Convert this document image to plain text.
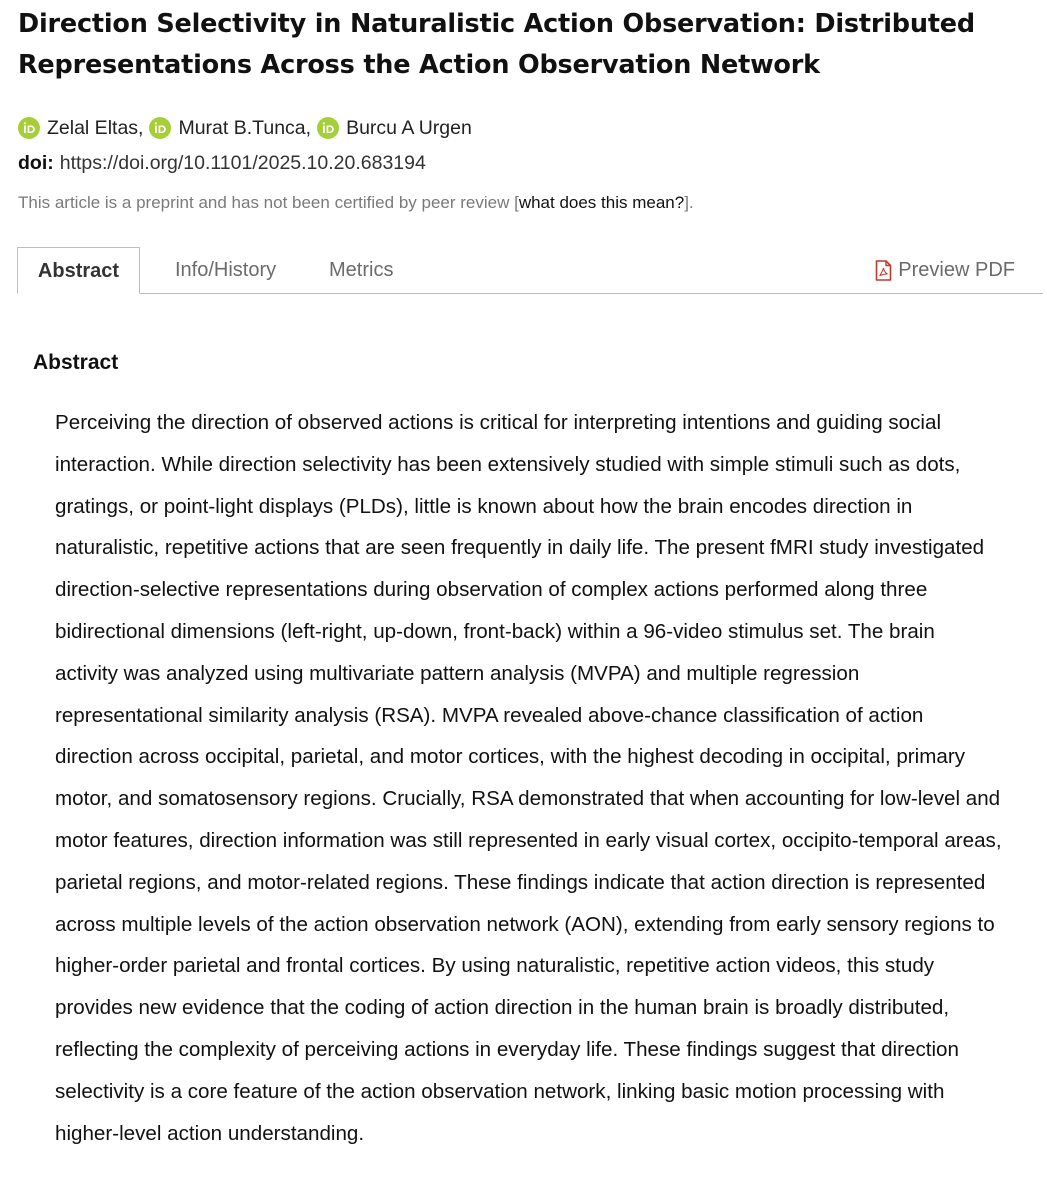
Direction Selectivity in Naturalistic Action Observation: Distributed Representations Across the Action Observation Network
Zelal Eltas , Murat B.Tunca , Burcu A Urgen
doi: https://doi.org/10.1101/2025.10.20.683194
This article is a preprint and has not been certified by peer review [what does this mean?].
Abstract	Info/History	Metrics	Preview PDF
Abstract

Perceiving the direction of observed actions is critical for interpreting intentions and guiding social interaction. While direction selectivity has been extensively studied with simple stimuli such as dots, gratings, or point-light displays (PLDs), little is known about how the brain encodes direction in naturalistic, repetitive actions that are seen frequently in daily life. The present fMRI study investigated direction-selective representations during observation of complex actions performed along three bidirectional dimensions (left-right, up-down, front-back) within a 96-video stimulus set. The brain activity was analyzed using multivariate pattern analysis (MVPA) and multiple regression representational similarity analysis (RSA). MVPA revealed above-chance classification of action direction across occipital, parietal, and motor cortices, with the highest decoding in occipital, primary motor, and somatosensory regions. Crucially, RSA demonstrated that when accounting for low-level and motor features, direction information was still represented in early visual cortex, occipito-temporal areas, parietal regions, and motor-related regions. These findings indicate that action direction is represented across multiple levels of the action observation network (AON), extending from early sensory regions to higher-order parietal and frontal cortices. By using naturalistic, repetitive action videos, this study provides new evidence that the coding of action direction in the human brain is broadly distributed, reflecting the complexity of perceiving actions in everyday life. These findings suggest that direction selectivity is a core feature of the action observation network, linking basic motion processing with higher-level action understanding.
